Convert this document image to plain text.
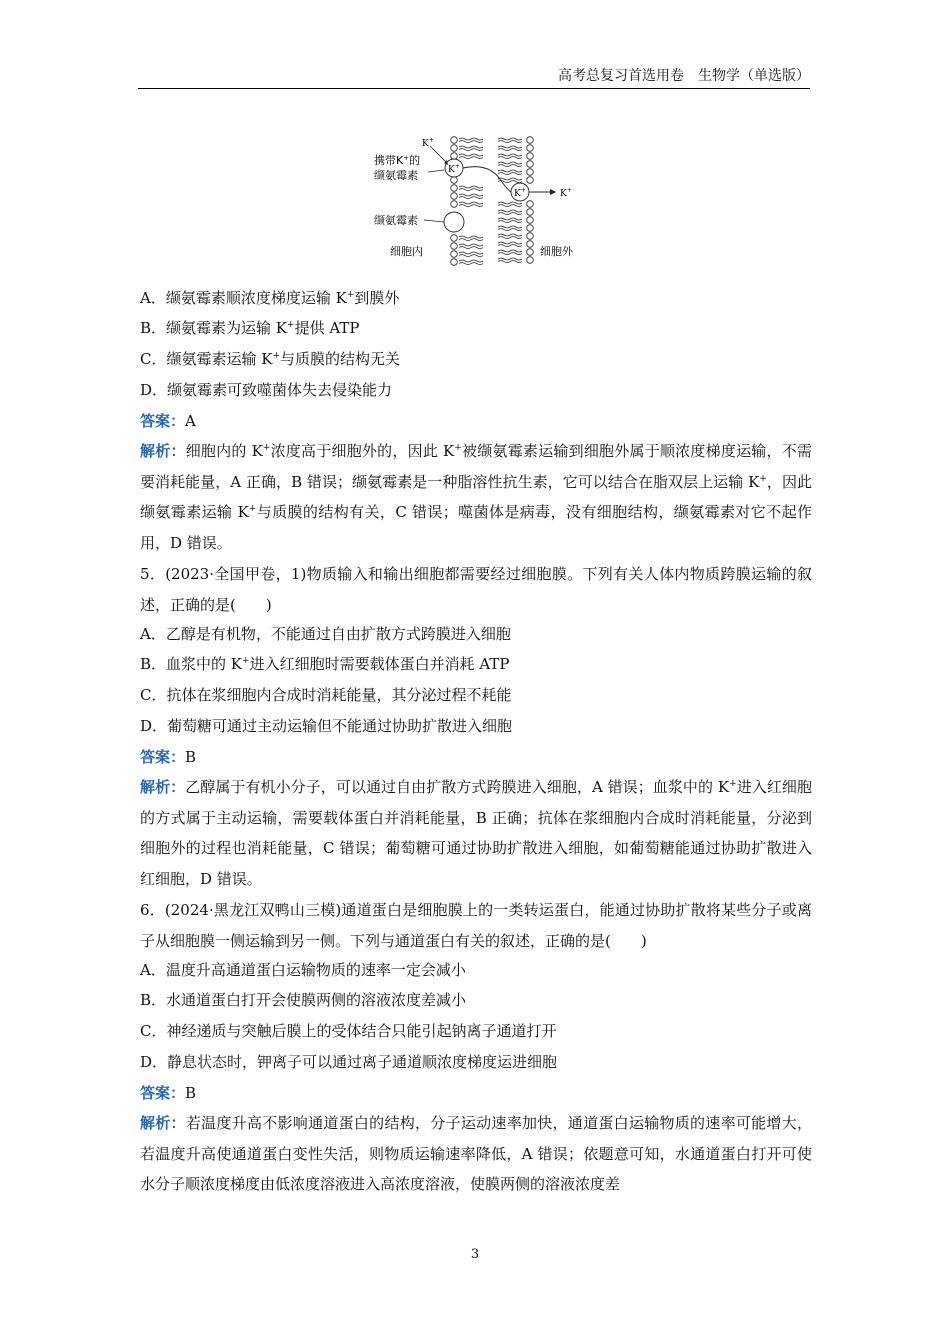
高考总复习首选用卷 生物学（单选版）
K+
K+	K+
K+
携带K+的
缬氨霉素
缬氨霉素
细胞内	细胞外
A．缬氨霉素顺浓度梯度运输 K+到膜外
B．缬氨霉素为运输 K+提供 ATP
C．缬氨霉素运输 K+与质膜的结构无关
D．缬氨霉素可致噬菌体失去侵染能力
答案：A
解析：细胞内的 K+浓度高于细胞外的，因此 K+被缬氨霉素运输到细胞外属于顺浓度梯度运输，不需要消耗能量，A 正确，B 错误；缬氨霉素是一种脂溶性抗生素，它可以结合在脂双层上运输 K+，因此缬氨霉素运输 K+与质膜的结构有关，C 错误；噬菌体是病毒，没有细胞结构，缬氨霉素对它不起作用，D 错误。
5．(2023·全国甲卷，1)物质输入和输出细胞都需要经过细胞膜。下列有关人体内物质跨膜运输的叙述，正确的是(　　)
A．乙醇是有机物，不能通过自由扩散方式跨膜进入细胞
B．血浆中的 K+进入红细胞时需要载体蛋白并消耗 ATP
C．抗体在浆细胞内合成时消耗能量，其分泌过程不耗能
D．葡萄糖可通过主动运输但不能通过协助扩散进入细胞
答案：B
解析：乙醇属于有机小分子，可以通过自由扩散方式跨膜进入细胞，A 错误；血浆中的 K+进入红细胞的方式属于主动运输，需要载体蛋白并消耗能量，B 正确；抗体在浆细胞内合成时消耗能量，分泌到细胞外的过程也消耗能量，C 错误；葡萄糖可通过协助扩散进入细胞，如葡萄糖能通过协助扩散进入红细胞，D 错误。
6．(2024·黑龙江双鸭山三模)通道蛋白是细胞膜上的一类转运蛋白，能通过协助扩散将某些分子或离子从细胞膜一侧运输到另一侧。下列与通道蛋白有关的叙述，正确的是(　　)
A．温度升高通道蛋白运输物质的速率一定会减小
B．水通道蛋白打开会使膜两侧的溶液浓度差减小
C．神经递质与突触后膜上的受体结合只能引起钠离子通道打开
D．静息状态时，钾离子可以通过离子通道顺浓度梯度运进细胞
答案：B
解析：若温度升高不影响通道蛋白的结构，分子运动速率加快，通道蛋白运输物质的速率可能增大，若温度升高使通道蛋白变性失活，则物质运输速率降低，A 错误；依题意可知，水通道蛋白打开可使水分子顺浓度梯度由低浓度溶液进入高浓度溶液，使膜两侧的溶液浓度差
3
